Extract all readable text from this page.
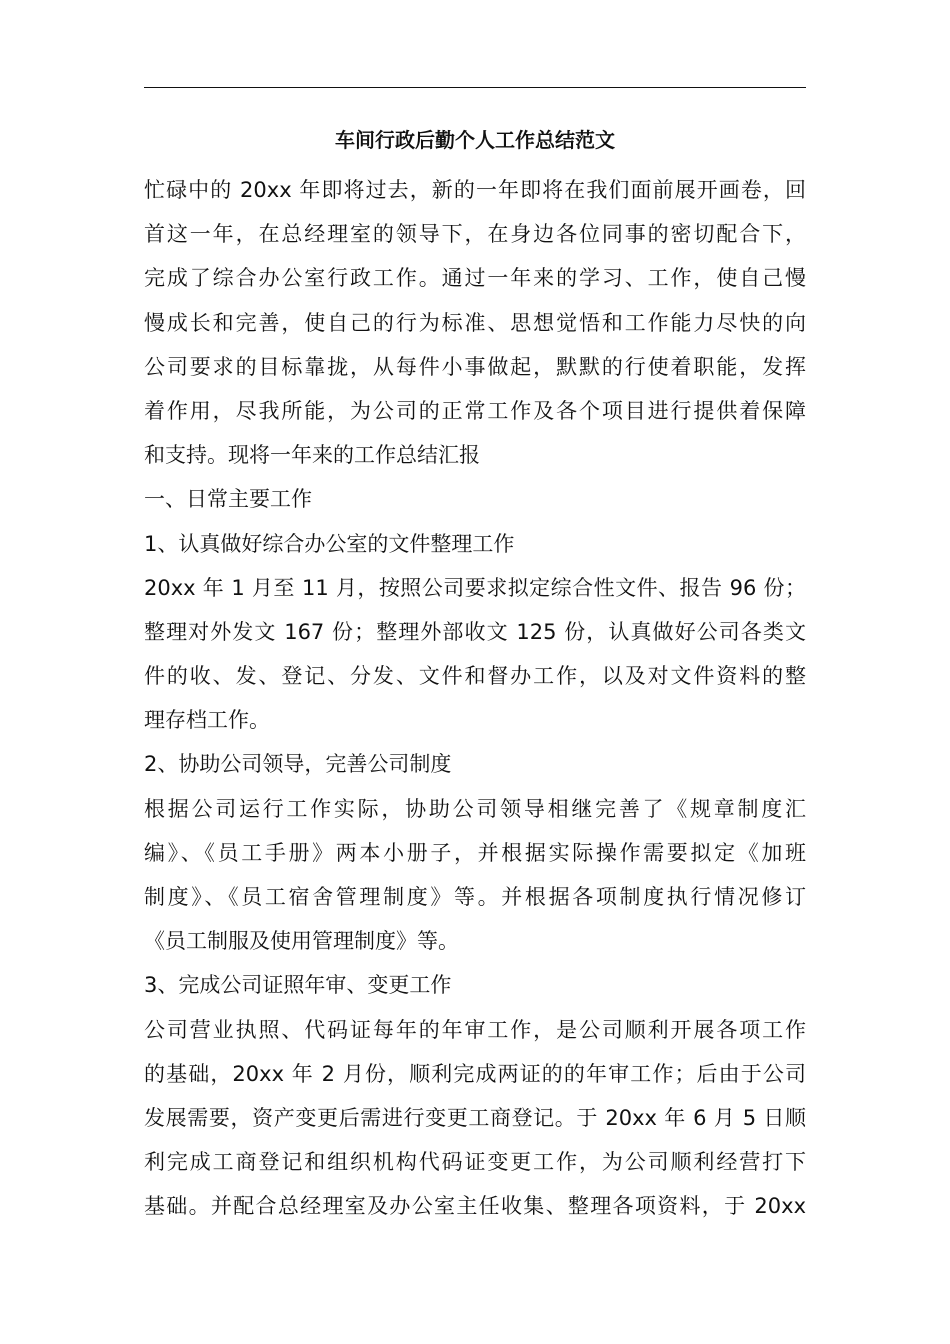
车间行政后勤个人工作总结范文
忙碌中的 20xx 年即将过去，新的一年即将在我们面前展开画卷，回
首这一年，在总经理室的领导下，在身边各位同事的密切配合下，
完成了综合办公室行政工作。通过一年来的学习、工作，使自己慢
慢成长和完善，使自己的行为标准、思想觉悟和工作能力尽快的向
公司要求的目标靠拢，从每件小事做起，默默的行使着职能，发挥
着作用，尽我所能，为公司的正常工作及各个项目进行提供着保障
和支持。现将一年来的工作总结汇报
一、日常主要工作
1、认真做好综合办公室的文件整理工作
20xx 年 1 月至 11 月，按照公司要求拟定综合性文件、报告 96 份；
整理对外发文 167 份；整理外部收文 125 份，认真做好公司各类文
件的收、发、登记、分发、文件和督办工作，以及对文件资料的整
理存档工作。
2、协助公司领导，完善公司制度
根据公司运行工作实际，协助公司领导相继完善了《规章制度汇
编》、《员工手册》两本小册子，并根据实际操作需要拟定《加班
制度》、《员工宿舍管理制度》等。并根据各项制度执行情况修订
《员工制服及使用管理制度》等。
3、完成公司证照年审、变更工作
公司营业执照、代码证每年的年审工作，是公司顺利开展各项工作
的基础，20xx 年 2 月份，顺利完成两证的的年审工作；后由于公司
发展需要，资产变更后需进行变更工商登记。于 20xx 年 6 月 5 日顺
利完成工商登记和组织机构代码证变更工作，为公司顺利经营打下
基础。并配合总经理室及办公室主任收集、整理各项资料，于 20xx
